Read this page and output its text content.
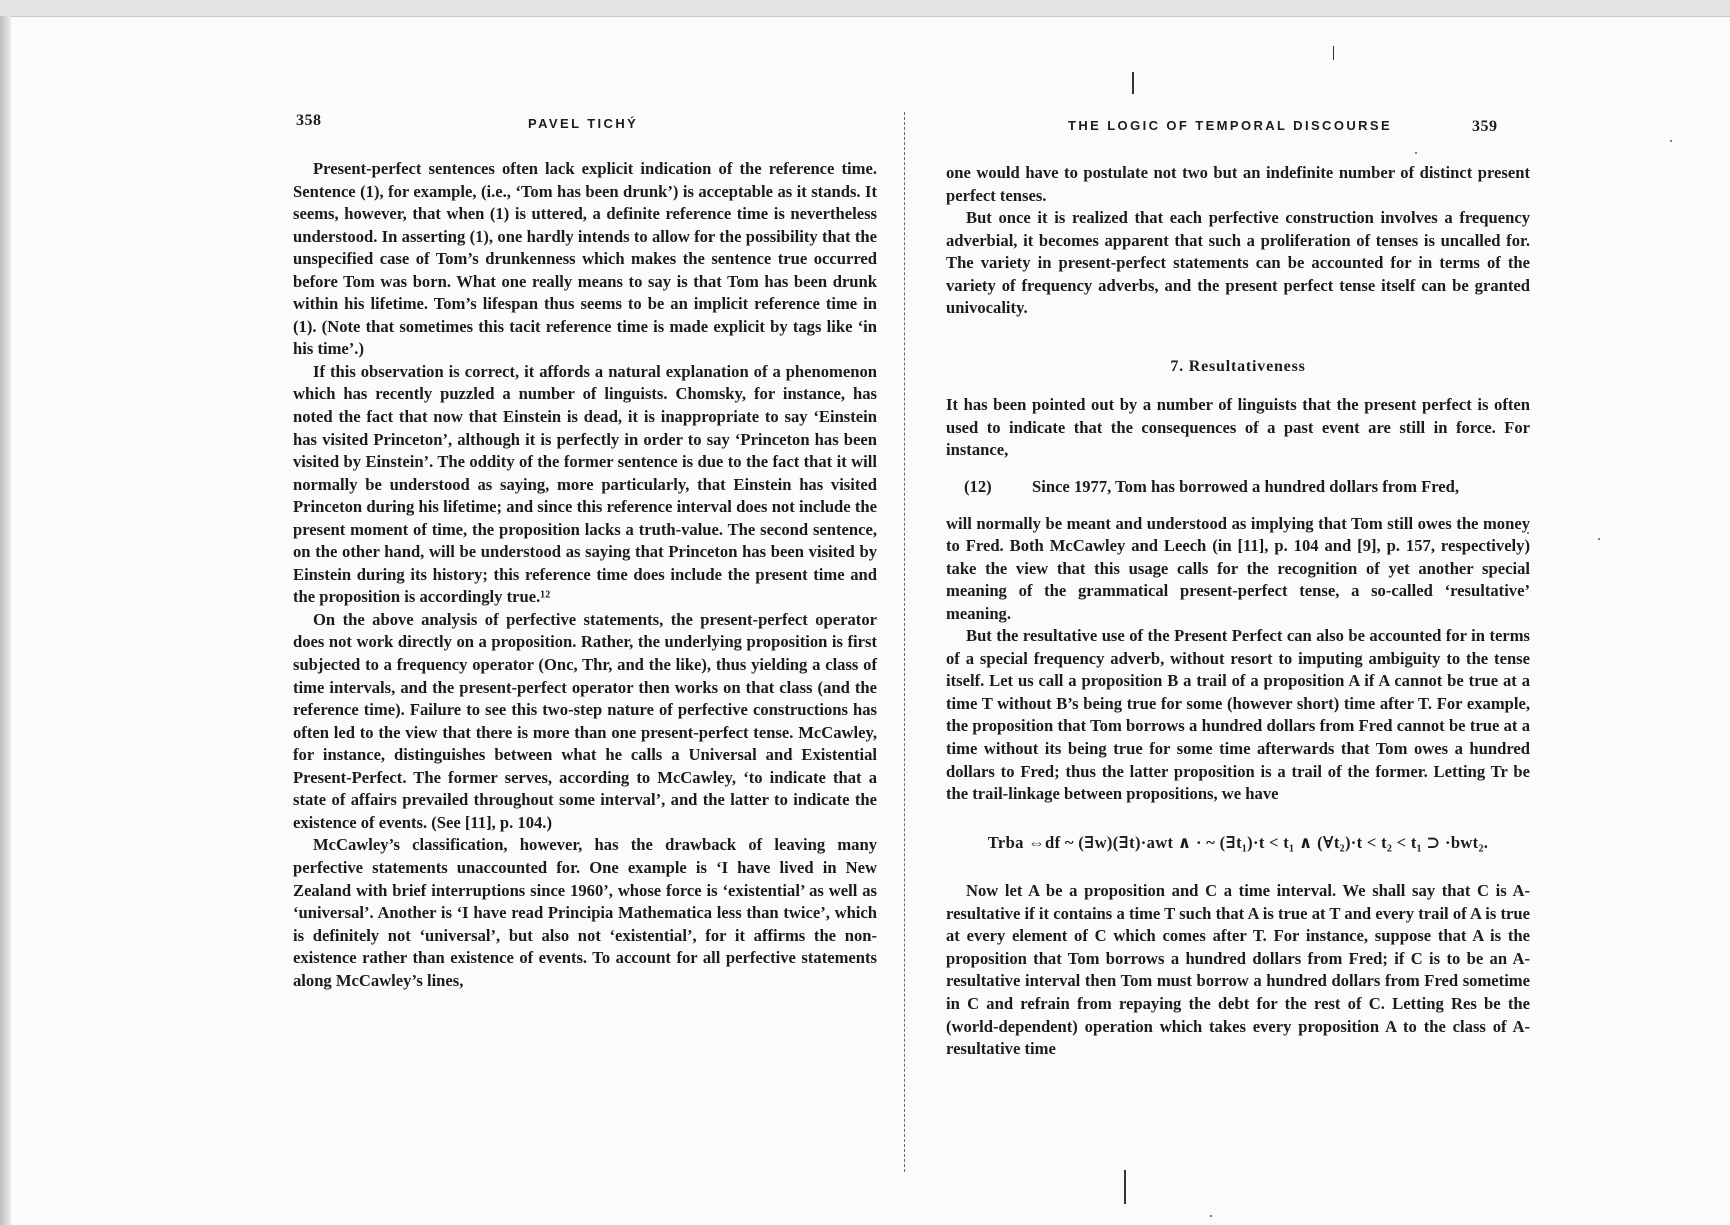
358	PAVEL TICHÝ	THE LOGIC OF TEMPORAL DISCOURSE	359

Present-perfect sentences often lack explicit indication of the reference time. Sentence (1), for example, (i.e., ‘Tom has been drunk’) is acceptable as it stands. It seems, however, that when (1) is uttered, a definite reference time is nevertheless understood. In asserting (1), one hardly intends to allow for the possibility that the unspecified case of Tom’s drunkenness which makes the sentence true occurred before Tom was born. What one really means to say is that Tom has been drunk within his lifetime. Tom’s lifespan thus seems to be an implicit reference time in (1). (Note that sometimes this tacit reference time is made explicit by tags like ‘in his time’.)

If this observation is correct, it affords a natural explanation of a phenomenon which has recently puzzled a number of linguists. Chomsky, for instance, has noted the fact that now that Einstein is dead, it is inappropriate to say ‘Einstein has visited Princeton’, although it is perfectly in order to say ‘Princeton has been visited by Einstein’. The oddity of the former sentence is due to the fact that it will normally be understood as saying, more particularly, that Einstein has visited Princeton during his lifetime; and since this reference interval does not include the present moment of time, the proposition lacks a truth-value. The second sentence, on the other hand, will be understood as saying that Princeton has been visited by Einstein during its history; this reference time does include the present time and the proposition is accordingly true.¹²

On the above analysis of perfective statements, the present-perfect operator does not work directly on a proposition. Rather, the underlying proposition is first subjected to a frequency operator (Onc, Thr, and the like), thus yielding a class of time intervals, and the present-perfect operator then works on that class (and the reference time). Failure to see this two-step nature of perfective constructions has often led to the view that there is more than one present-perfect tense. McCawley, for instance, distinguishes between what he calls a Universal and Existential Present-Perfect. The former serves, according to McCawley, ‘to indicate that a state of affairs prevailed throughout some interval’, and the latter to indicate the existence of events. (See [11], p. 104.)

McCawley’s classification, however, has the drawback of leaving many perfective statements unaccounted for. One example is ‘I have lived in New Zealand with brief interruptions since 1960’, whose force is ‘existential’ as well as ‘universal’. Another is ‘I have read Principia Mathematica less than twice’, which is definitely not ‘universal’, but also not ‘existential’, for it affirms the non-existence rather than existence of events. To account for all perfective statements along McCawley’s lines,

one would have to postulate not two but an indefinite number of distinct present perfect tenses.

But once it is realized that each perfective construction involves a frequency adverbial, it becomes apparent that such a proliferation of tenses is uncalled for. The variety in present-perfect statements can be accounted for in terms of the variety of frequency adverbs, and the present perfect tense itself can be granted univocality.

7. Resultativeness

It has been pointed out by a number of linguists that the present perfect is often used to indicate that the consequences of a past event are still in force. For instance,

(12)	Since 1977, Tom has borrowed a hundred dollars from Fred,

will normally be meant and understood as implying that Tom still owes the money to Fred. Both McCawley and Leech (in [11], p. 104 and [9], p. 157, respectively) take the view that this usage calls for the recognition of yet another special meaning of the grammatical present-perfect tense, a so-called ‘resultative’ meaning.

But the resultative use of the Present Perfect can also be accounted for in terms of a special frequency adverb, without resort to imputing ambiguity to the tense itself. Let us call a proposition B a trail of a proposition A if A cannot be true at a time T without B’s being true for some (however short) time after T. For example, the proposition that Tom borrows a hundred dollars from Fred cannot be true at a time without its being true for some time afterwards that Tom owes a hundred dollars to Fred; thus the latter proposition is a trail of the former. Letting Tr be the trail-linkage between propositions, we have

Trba ⇔df ~ (∃w)(∃t)·awt ∧ · ~ (∃t₁)·t < t₁ ∧ (∀t₂)·t < t₂ < t₁ ⊃ ·bwt₂.

Now let A be a proposition and C a time interval. We shall say that C is A-resultative if it contains a time T such that A is true at T and every trail of A is true at every element of C which comes after T. For instance, suppose that A is the proposition that Tom borrows a hundred dollars from Fred; if C is to be an A-resultative interval then Tom must borrow a hundred dollars from Fred sometime in C and refrain from repaying the debt for the rest of C. Letting Res be the (world-dependent) operation which takes every proposition A to the class of A-resultative time
